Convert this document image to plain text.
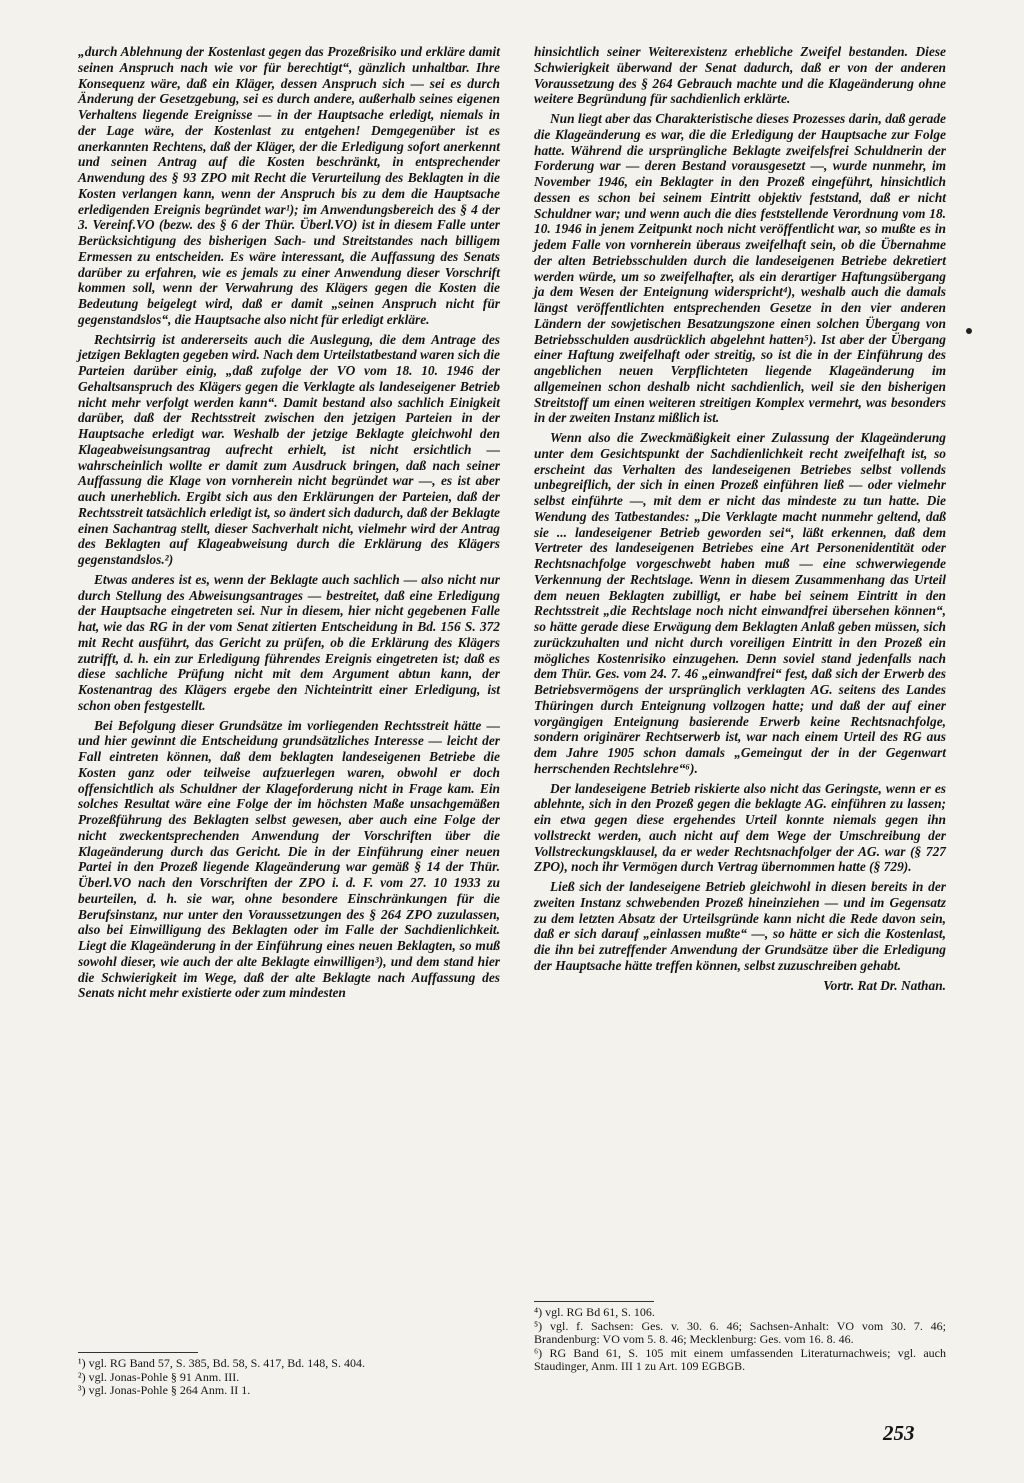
„durch Ablehnung der Kostenlast gegen das Prozeßrisiko und erkläre damit seinen Anspruch nach wie vor für berechtigt“, gänzlich unhaltbar. Ihre Konsequenz wäre, daß ein Kläger, dessen Anspruch sich — sei es durch Änderung der Gesetzgebung, sei es durch andere, außerhalb seines eigenen Verhaltens liegende Ereignisse — in der Hauptsache erledigt, niemals in der Lage wäre, der Kostenlast zu entgehen! Demgegenüber ist es anerkannten Rechtens, daß der Kläger, der die Erledigung sofort anerkennt und seinen Antrag auf die Kosten beschränkt, in entsprechender Anwendung des § 93 ZPO mit Recht die Verurteilung des Beklagten in die Kosten verlangen kann, wenn der Anspruch bis zu dem die Hauptsache erledigenden Ereignis begründet war¹); im Anwendungsbereich des § 4 der 3. Vereinf.VO (bezw. des § 6 der Thür. Überl.VO) ist in diesem Falle unter Berücksichtigung des bisherigen Sach- und Streitstandes nach billigem Ermessen zu entscheiden. Es wäre interessant, die Auffassung des Senats darüber zu erfahren, wie es jemals zu einer Anwendung dieser Vorschrift kommen soll, wenn der Verwahrung des Klägers gegen die Kosten die Bedeutung beigelegt wird, daß er damit „seinen Anspruch nicht für gegenstandslos“, die Hauptsache also nicht für erledigt erkläre.

Rechtsirrig ist andererseits auch die Auslegung, die dem Antrage des jetzigen Beklagten gegeben wird. Nach dem Urteilstatbestand waren sich die Parteien darüber einig, „daß zufolge der VO vom 18. 10. 1946 der Gehaltsanspruch des Klägers gegen die Verklagte als landeseigener Betrieb nicht mehr verfolgt werden kann“. Damit bestand also sachlich Einigkeit darüber, daß der Rechtsstreit zwischen den jetzigen Parteien in der Hauptsache erledigt war. Weshalb der jetzige Beklagte gleichwohl den Klageabweisungsantrag aufrecht erhielt, ist nicht ersichtlich — wahrscheinlich wollte er damit zum Ausdruck bringen, daß nach seiner Auffassung die Klage von vornherein nicht begründet war —, es ist aber auch unerheblich. Ergibt sich aus den Erklärungen der Parteien, daß der Rechtsstreit tatsächlich erledigt ist, so ändert sich dadurch, daß der Beklagte einen Sachantrag stellt, dieser Sachverhalt nicht, vielmehr wird der Antrag des Beklagten auf Klageabweisung durch die Erklärung des Klägers gegenstandslos.²)

Etwas anderes ist es, wenn der Beklagte auch sachlich — also nicht nur durch Stellung des Abweisungsantrages — bestreitet, daß eine Erledigung der Hauptsache eingetreten sei. Nur in diesem, hier nicht gegebenen Falle hat, wie das RG in der vom Senat zitierten Entscheidung in Bd. 156 S. 372 mit Recht ausführt, das Gericht zu prüfen, ob die Erklärung des Klägers zutrifft, d. h. ein zur Erledigung führendes Ereignis eingetreten ist; daß es diese sachliche Prüfung nicht mit dem Argument abtun kann, der Kostenantrag des Klägers ergebe den Nichteintritt einer Erledigung, ist schon oben festgestellt.

Bei Befolgung dieser Grundsätze im vorliegenden Rechtsstreit hätte — und hier gewinnt die Entscheidung grundsätzliches Interesse — leicht der Fall eintreten können, daß dem beklagten landeseigenen Betriebe die Kosten ganz oder teilweise aufzuerlegen waren, obwohl er doch offensichtlich als Schuldner der Klageforderung nicht in Frage kam. Ein solches Resultat wäre eine Folge der im höchsten Maße unsachgemäßen Prozeßführung des Beklagten selbst gewesen, aber auch eine Folge der nicht zweckentsprechenden Anwendung der Vorschriften über die Klageänderung durch das Gericht. Die in der Einführung einer neuen Partei in den Prozeß liegende Klageänderung war gemäß § 14 der Thür. Überl.VO nach den Vorschriften der ZPO i. d. F. vom 27. 10 1933 zu beurteilen, d. h. sie war, ohne besondere Einschränkungen für die Berufsinstanz, nur unter den Voraussetzungen des § 264 ZPO zuzulassen, also bei Einwilligung des Beklagten oder im Falle der Sachdienlichkeit. Liegt die Klageänderung in der Einführung eines neuen Beklagten, so muß sowohl dieser, wie auch der alte Beklagte einwilligen³), und dem stand hier die Schwierigkeit im Wege, daß der alte Beklagte nach Auffassung des Senats nicht mehr existierte oder zum mindesten

¹) vgl. RG Band 57, S. 385, Bd. 58, S. 417, Bd. 148, S. 404.
²) vgl. Jonas-Pohle § 91 Anm. III.
³) vgl. Jonas-Pohle § 264 Anm. II 1.

hinsichtlich seiner Weiterexistenz erhebliche Zweifel bestanden. Diese Schwierigkeit überwand der Senat dadurch, daß er von der anderen Voraussetzung des § 264 Gebrauch machte und die Klageänderung ohne weitere Begründung für sachdienlich erklärte.

Nun liegt aber das Charakteristische dieses Prozesses darin, daß gerade die Klageänderung es war, die die Erledigung der Hauptsache zur Folge hatte. Während die ursprüngliche Beklagte zweifelsfrei Schuldnerin der Forderung war — deren Bestand vorausgesetzt —, wurde nunmehr, im November 1946, ein Beklagter in den Prozeß eingeführt, hinsichtlich dessen es schon bei seinem Eintritt objektiv feststand, daß er nicht Schuldner war; und wenn auch die dies feststellende Verordnung vom 18. 10. 1946 in jenem Zeitpunkt noch nicht veröffentlicht war, so mußte es in jedem Falle von vornherein überaus zweifelhaft sein, ob die Übernahme der alten Betriebsschulden durch die landeseigenen Betriebe dekretiert werden würde, um so zweifelhafter, als ein derartiger Haftungsübergang ja dem Wesen der Enteignung widerspricht⁴), weshalb auch die damals längst veröffentlichten entsprechenden Gesetze in den vier anderen Ländern der sowjetischen Besatzungszone einen solchen Übergang von Betriebsschulden ausdrücklich abgelehnt hatten⁵). Ist aber der Übergang einer Haftung zweifelhaft oder streitig, so ist die in der Einführung des angeblichen neuen Verpflichteten liegende Klageänderung im allgemeinen schon deshalb nicht sachdienlich, weil sie den bisherigen Streitstoff um einen weiteren streitigen Komplex vermehrt, was besonders in der zweiten Instanz mißlich ist.

Wenn also die Zweckmäßigkeit einer Zulassung der Klageänderung unter dem Gesichtspunkt der Sachdienlichkeit recht zweifelhaft ist, so erscheint das Verhalten des landeseigenen Betriebes selbst vollends unbegreiflich, der sich in einen Prozeß einführen ließ — oder vielmehr selbst einführte —, mit dem er nicht das mindeste zu tun hatte. Die Wendung des Tatbestandes: „Die Verklagte macht nunmehr geltend, daß sie ... landeseigener Betrieb geworden sei“, läßt erkennen, daß dem Vertreter des landeseigenen Betriebes eine Art Personenidentität oder Rechtsnachfolge vorgeschwebt haben muß — eine schwerwiegende Verkennung der Rechtslage. Wenn in diesem Zusammenhang das Urteil dem neuen Beklagten zubilligt, er habe bei seinem Eintritt in den Rechtsstreit „die Rechtslage noch nicht einwandfrei übersehen können“, so hätte gerade diese Erwägung dem Beklagten Anlaß geben müssen, sich zurückzuhalten und nicht durch voreiligen Eintritt in den Prozeß ein mögliches Kostenrisiko einzugehen. Denn soviel stand jedenfalls nach dem Thür. Ges. vom 24. 7. 46 „einwandfrei“ fest, daß sich der Erwerb des Betriebsvermögens der ursprünglich verklagten AG. seitens des Landes Thüringen durch Enteignung vollzogen hatte; und daß der auf einer vorgängigen Enteignung basierende Erwerb keine Rechtsnachfolge, sondern originärer Rechtserwerb ist, war nach einem Urteil des RG aus dem Jahre 1905 schon damals „Gemeingut der in der Gegenwart herrschenden Rechtslehre“⁶).

Der landeseigene Betrieb riskierte also nicht das Geringste, wenn er es ablehnte, sich in den Prozeß gegen die beklagte AG. einführen zu lassen; ein etwa gegen diese ergehendes Urteil konnte niemals gegen ihn vollstreckt werden, auch nicht auf dem Wege der Umschreibung der Vollstreckungsklausel, da er weder Rechtsnachfolger der AG. war (§ 727 ZPO), noch ihr Vermögen durch Vertrag übernommen hatte (§ 729).

Ließ sich der landeseigene Betrieb gleichwohl in diesen bereits in der zweiten Instanz schwebenden Prozeß hineinziehen — und im Gegensatz zu dem letzten Absatz der Urteilsgründe kann nicht die Rede davon sein, daß er sich darauf „einlassen mußte“ —, so hätte er sich die Kostenlast, die ihn bei zutreffender Anwendung der Grundsätze über die Erledigung der Hauptsache hätte treffen können, selbst zuzuschreiben gehabt.

Vortr. Rat Dr. Nathan.

⁴) vgl. RG Bd 61, S. 106.
⁵) vgl. f. Sachsen: Ges. v. 30. 6. 46; Sachsen-Anhalt: VO vom 30. 7. 46; Brandenburg: VO vom 5. 8. 46; Mecklenburg: Ges. vom 16. 8. 46.
⁶) RG Band 61, S. 105 mit einem umfassenden Literaturnachweis; vgl. auch Staudinger, Anm. III 1 zu Art. 109 EGBGB.
253
